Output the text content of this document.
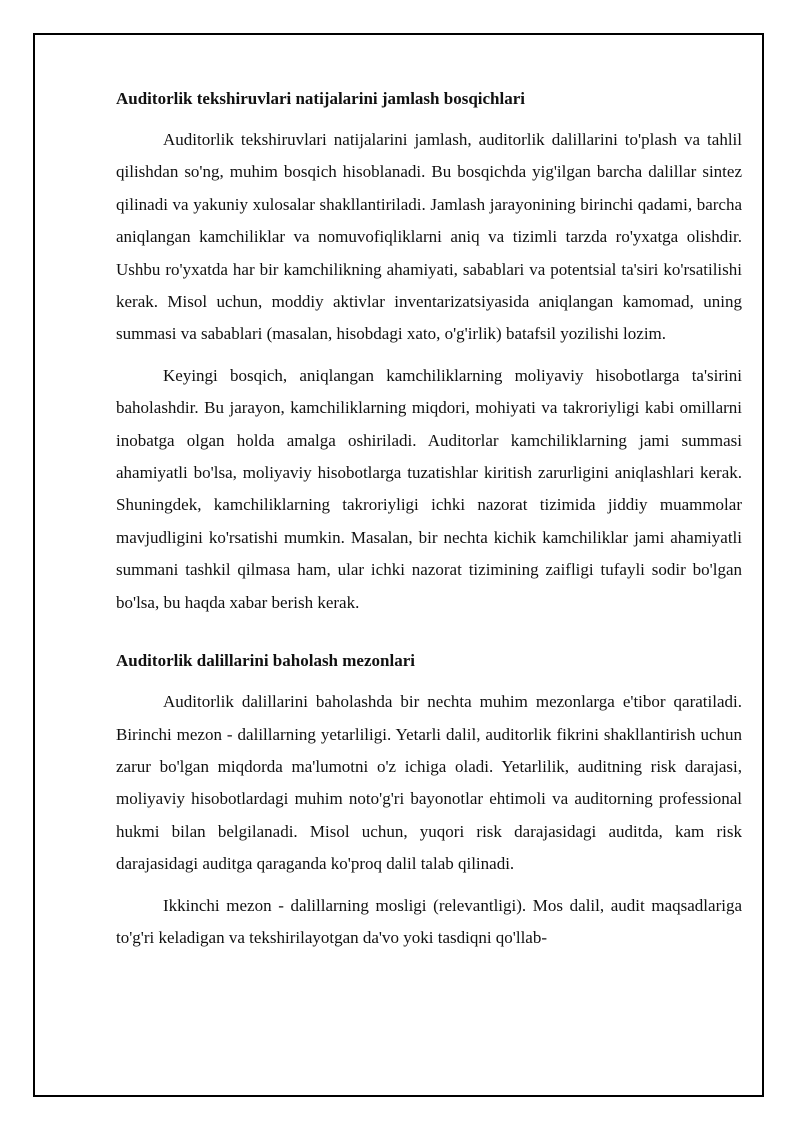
Auditorlik tekshiruvlari natijalarini jamlash bosqichlari

Auditorlik tekshiruvlari natijalarini jamlash, auditorlik dalillarini to'plash va tahlil qilishdan so'ng, muhim bosqich hisoblanadi. Bu bosqichda yig'ilgan barcha dalillar sintez qilinadi va yakuniy xulosalar shakllantiriladi. Jamlash jarayonining birinchi qadami, barcha aniqlangan kamchiliklar va nomuvofiqliklarni aniq va tizimli tarzda ro'yxatga olishdir. Ushbu ro'yxatda har bir kamchilikning ahamiyati, sabablari va potentsial ta'siri ko'rsatilishi kerak. Misol uchun, moddiy aktivlar inventarizatsiyasida aniqlangan kamomad, uning summasi va sabablari (masalan, hisobdagi xato, o'g'irlik) batafsil yozilishi lozim.

Keyingi bosqich, aniqlangan kamchiliklarning moliyaviy hisobotlarga ta'sirini baholashdir. Bu jarayon, kamchiliklarning miqdori, mohiyati va takroriyligi kabi omillarni inobatga olgan holda amalga oshiriladi. Auditorlar kamchiliklarning jami summasi ahamiyatli bo'lsa, moliyaviy hisobotlarga tuzatishlar kiritish zarurligini aniqlashlari kerak. Shuningdek, kamchiliklarning takroriyligi ichki nazorat tizimida jiddiy muammolar mavjudligini ko'rsatishi mumkin. Masalan, bir nechta kichik kamchiliklar jami ahamiyatli summani tashkil qilmasa ham, ular ichki nazorat tizimining zaifligi tufayli sodir bo'lgan bo'lsa, bu haqda xabar berish kerak.

Auditorlik dalillarini baholash mezonlari

Auditorlik dalillarini baholashda bir nechta muhim mezonlarga e'tibor qaratiladi. Birinchi mezon - dalillarning yetarliligi. Yetarli dalil, auditorlik fikrini shakllantirish uchun zarur bo'lgan miqdorda ma'lumotni o'z ichiga oladi. Yetarlilik, auditning risk darajasi, moliyaviy hisobotlardagi muhim noto'g'ri bayonotlar ehtimoli va auditorning professional hukmi bilan belgilanadi. Misol uchun, yuqori risk darajasidagi auditda, kam risk darajasidagi auditga qaraganda ko'proq dalil talab qilinadi.

Ikkinchi mezon - dalillarning mosligi (relevantligi). Mos dalil, audit maqsadlariga to'g'ri keladigan va tekshirilayotgan da'vo yoki tasdiqni qo'llab-
